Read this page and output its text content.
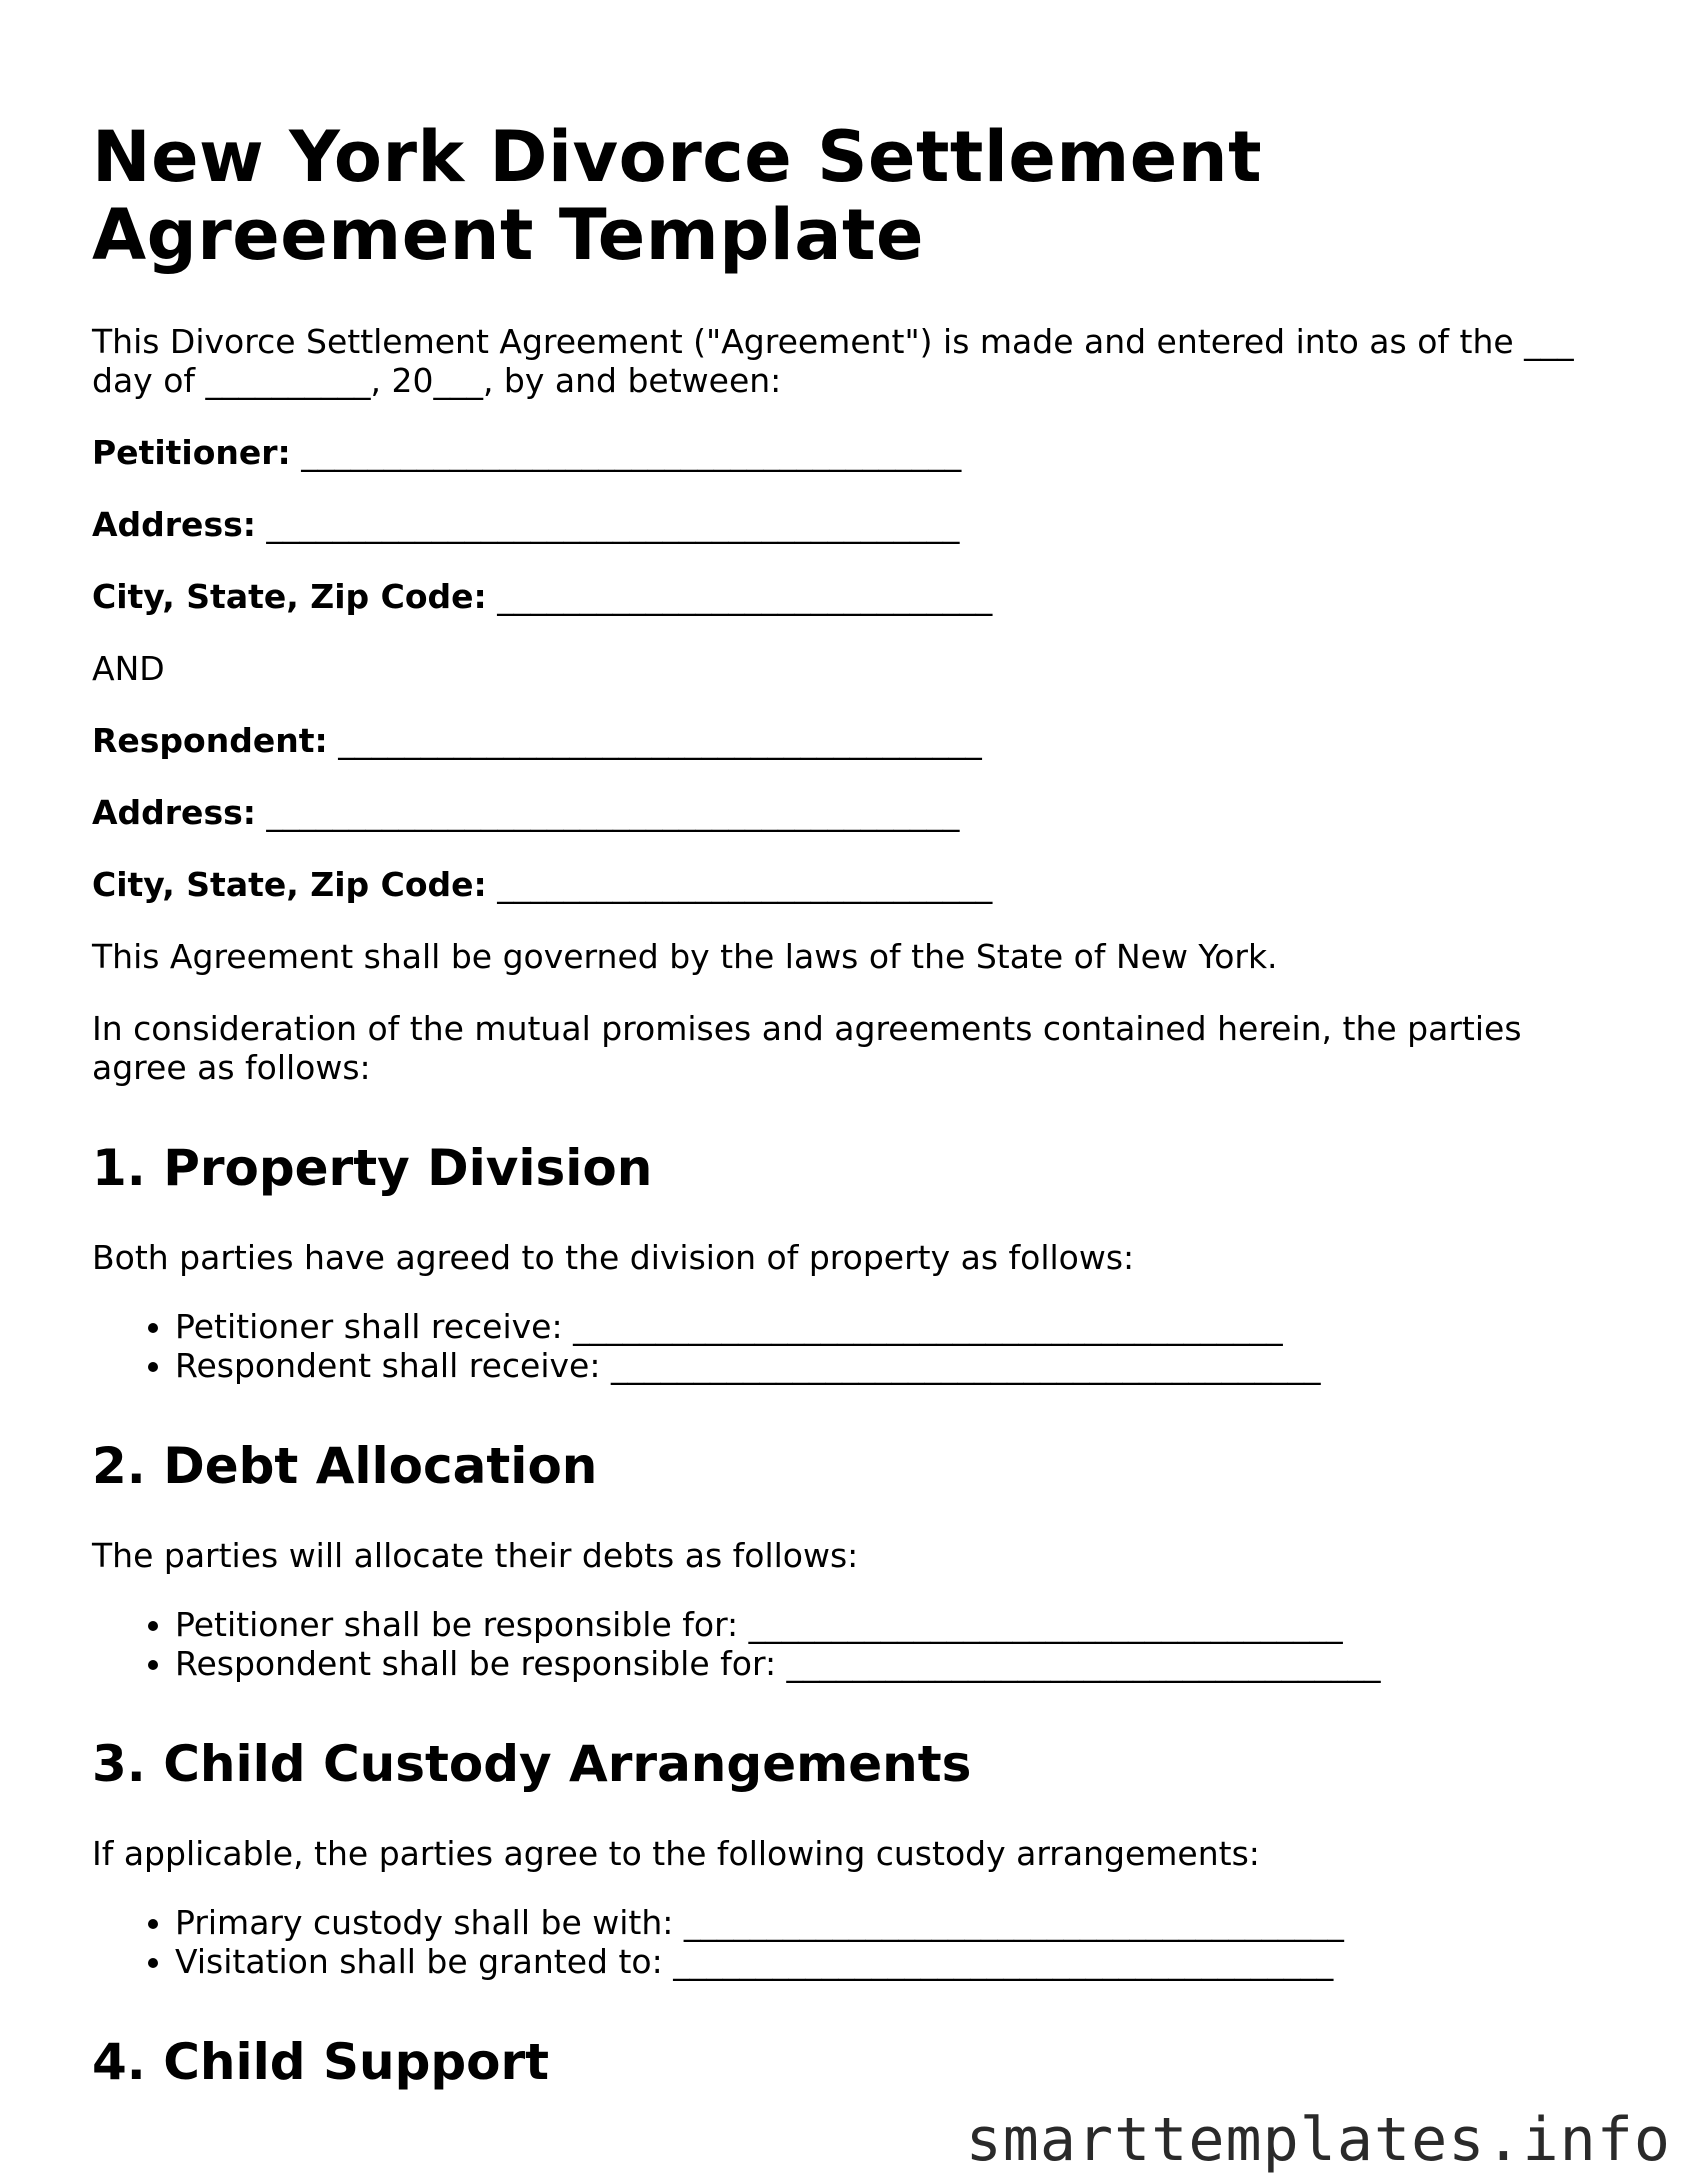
New York Divorce Settlement Agreement Template

This Divorce Settlement Agreement ("Agreement") is made and entered into as of the ___ day of __________, 20___, by and between:

Petitioner: ________________________________________
Address: __________________________________________
City, State, Zip Code: ______________________________

AND

Respondent: _______________________________________
Address: __________________________________________
City, State, Zip Code: ______________________________

This Agreement shall be governed by the laws of the State of New York.

In consideration of the mutual promises and agreements contained herein, the parties agree as follows:

1. Property Division

Both parties have agreed to the division of property as follows:

• Petitioner shall receive: ___________________________________________
• Respondent shall receive: ___________________________________________
2. Debt Allocation

The parties will allocate their debts as follows:

• Petitioner shall be responsible for: ____________________________________
• Respondent shall be responsible for: ____________________________________
3. Child Custody Arrangements

If applicable, the parties agree to the following custody arrangements:

• Primary custody shall be with: ________________________________________
• Visitation shall be granted to: ________________________________________
4. Child Support
smarttemplates.info
